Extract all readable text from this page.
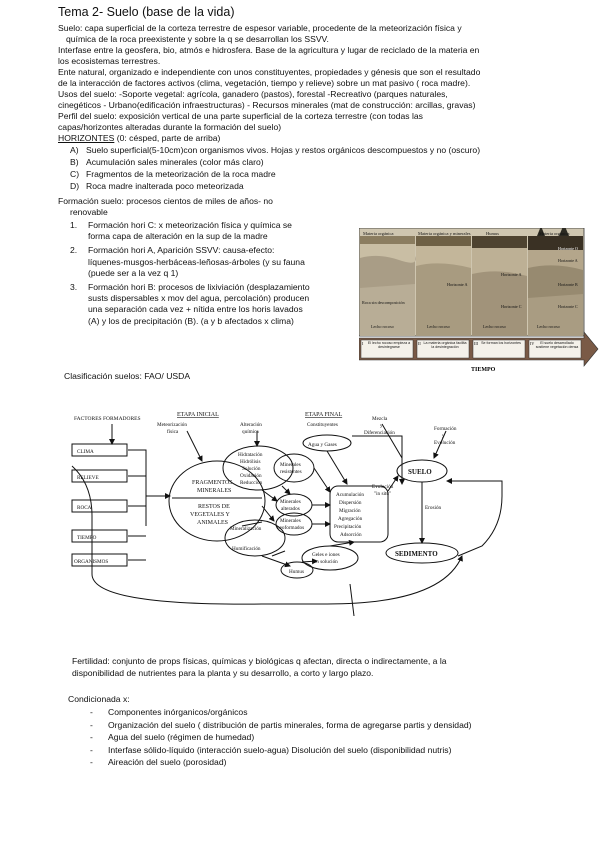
Tema 2- Suelo (base de la vida)
Suelo: capa superficial de la corteza terrestre de espesor variable, procedente de la meteorización física y
química de la roca preexistente y sobre la q se desarrollan los SSVV.
Interfase entre la geosfera, bio, atmós e hidrosfera. Base de la agricultura y lugar de reciclado de la materia en
los ecosistemas terrestres.
Ente natural, organizado e independiente con unos constituyentes, propiedades y génesis que son el resultado
de la interacción de factores activos (clima, vegetación, tiempo y relieve) sobre un mat pasivo ( roca madre).
Usos del suelo: -Soporte vegetal: agrícola, ganadero (pastos), forestal -Recreativo (parques naturales,
cinegéticos - Urbano(edificación infraestructuras) - Recursos minerales (mat de construcción: arcillas, gravas)
Perfil del suelo: exposición vertical de una parte superficial de la corteza terrestre (con todas las
capas/horizontes alteradas durante la formación del suelo)
HORIZONTES (0: césped, parte de arriba)
A) Suelo superficial(5-10cm)con organismos vivos. Hojas y restos orgánicos descompuestos y no (oscuro)
B) Acumulación sales minerales (color más claro)
C) Fragmentos de la meteorización de la roca madre
D) Roca madre inalterada poco meteorizada
Formación suelo: procesos cientos de miles de años- no
renovable
1. Formación hori C: x meteorización física y química se
forma capa de alteración en la sup de la madre
2. Formación hori A, Aparición SSVV: causa-efecto:
líquenes-musgos-herbáceas-leñosas-árboles (y su fauna
(puede ser a la vez q 1)
3. Formación hori B: procesos de lixiviación (desplazamiento
susts dispersables x mov del agua, percolación) producen
una separación cada vez + nítida entre los horis lavados
(A) y los de precipitación (B). (a y b afectados x clima)
Clasificación suelos: FAO/ USDA
Materia orgánica
Roca sin descomposición
Lecho rocoso
Materia orgánica y minerales
Horizonte A
Lecho rocoso
Humus
Horizonte A
Horizonte C
Lecho rocoso
Materia orgánica
Horizonte O
Horizonte A
Horizonte B
Horizonte C
Lecho rocoso
I	II	III	IV
El lecho rocoso empieza a desintegrarse
La materia orgánica facilita la desintegración
Se forman los horizontes	El suelo desarrollado sostiene vegetación densa
TIEMPO
FACTORES FORMADORES
CLIMA
RELIEVE
ROCA
TIEMPO
ORGANISMOS
ETAPA INICIAL	ETAPA FINAL
Meteorización
física
Alteración
química
Constituyentes
Mezcla
y
Diferenciación
Formación
y
Evolución
FRAGMENTOS
MINERALES
RESTOS DE
VEGETALES Y
ANIMALES
Hidratación
Hidrólisis
Solución
Oxidación
Reducción
Agua y Gases
Minerales
resistentes
Minerales
alterados
Minerales
neoformados
Mineralización
Humificación
Geles e iones
en solución
Humus
Acumulación
Dispersión
Migración
Agregación
Precipitación
Adsorción
Evolución
"in situ"
SUELO
Erosión
SEDIMENTO
Fertilidad: conjunto de props físicas, químicas y biológicas q afectan, directa o indirectamente, a la
disponibilidad de nutrientes para la planta y su desarrollo, a corto y largo plazo.
Condicionada x:
- Componentes inórganicos/orgánicos
- Organización del suelo ( distribución de partis minerales, forma de agregarse partis y densidad)
- Agua del suelo (régimen de humedad)
- Interfase sólido-líquido (interacción suelo-agua) Disolución del suelo (disponibilidad nutris)
- Aireación del suelo (porosidad)
